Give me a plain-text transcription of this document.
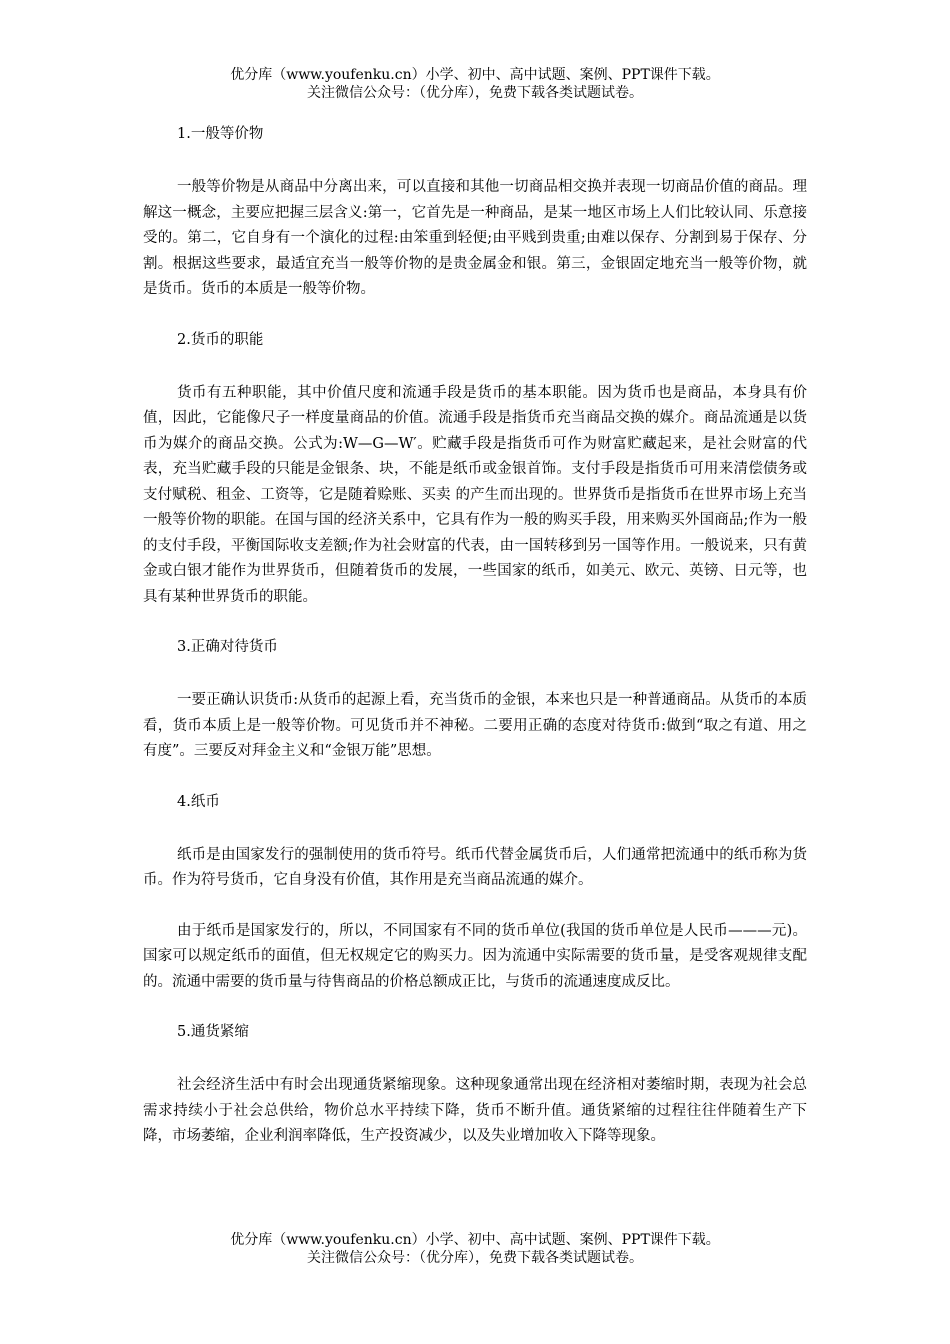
优分库（www.youfenku.cn）小学、初中、高中试题、案例、PPT课件下载。
关注微信公众号：（优分库），免费下载各类试题试卷。

1.一般等价物

一般等价物是从商品中分离出来，可以直接和其他一切商品相交换并表现一切商品价值的商品。理解这一概念，主要应把握三层含义:第一，它首先是一种商品，是某一地区市场上人们比较认同、乐意接受的。第二，它自身有一个演化的过程:由笨重到轻便;由平贱到贵重;由难以保存、分割到易于保存、分割。根据这些要求，最适宜充当一般等价物的是贵金属金和银。第三，金银固定地充当一般等价物，就是货币。货币的本质是一般等价物。

2.货币的职能

货币有五种职能，其中价值尺度和流通手段是货币的基本职能。因为货币也是商品，本身具有价值，因此，它能像尺子一样度量商品的价值。流通手段是指货币充当商品交换的媒介。商品流通是以货币为媒介的商品交换。公式为:W—G—W′。贮藏手段是指货币可作为财富贮藏起来，是社会财富的代表，充当贮藏手段的只能是金银条、块，不能是纸币或金银首饰。支付手段是指货币可用来清偿债务或支付赋税、租金、工资等，它是随着赊账、买卖 的产生而出现的。世界货币是指货币在世界市场上充当一般等价物的职能。在国与国的经济关系中，它具有作为一般的购买手段，用来购买外国商品;作为一般的支付手段，平衡国际收支差额;作为社会财富的代表，由一国转移到另一国等作用。一般说来，只有黄金或白银才能作为世界货币，但随着货币的发展，一些国家的纸币，如美元、欧元、英镑、日元等，也具有某种世界货币的职能。

3.正确对待货币

一要正确认识货币:从货币的起源上看，充当货币的金银，本来也只是一种普通商品。从货币的本质看，货币本质上是一般等价物。可见货币并不神秘。二要用正确的态度对待货币:做到“取之有道、用之有度”。三要反对拜金主义和“金银万能”思想。

4.纸币

纸币是由国家发行的强制使用的货币符号。纸币代替金属货币后，人们通常把流通中的纸币称为货币。作为符号货币，它自身没有价值，其作用是充当商品流通的媒介。

由于纸币是国家发行的，所以，不同国家有不同的货币单位(我国的货币单位是人民币———元)。国家可以规定纸币的面值，但无权规定它的购买力。因为流通中实际需要的货币量，是受客观规律支配的。流通中需要的货币量与待售商品的价格总额成正比，与货币的流通速度成反比。

5.通货紧缩

社会经济生活中有时会出现通货紧缩现象。这种现象通常出现在经济相对萎缩时期，表现为社会总需求持续小于社会总供给，物价总水平持续下降，货币不断升值。通货紧缩的过程往往伴随着生产下降，市场萎缩，企业利润率降低，生产投资减少，以及失业增加收入下降等现象。

优分库（www.youfenku.cn）小学、初中、高中试题、案例、PPT课件下载。
关注微信公众号：（优分库），免费下载各类试题试卷。
